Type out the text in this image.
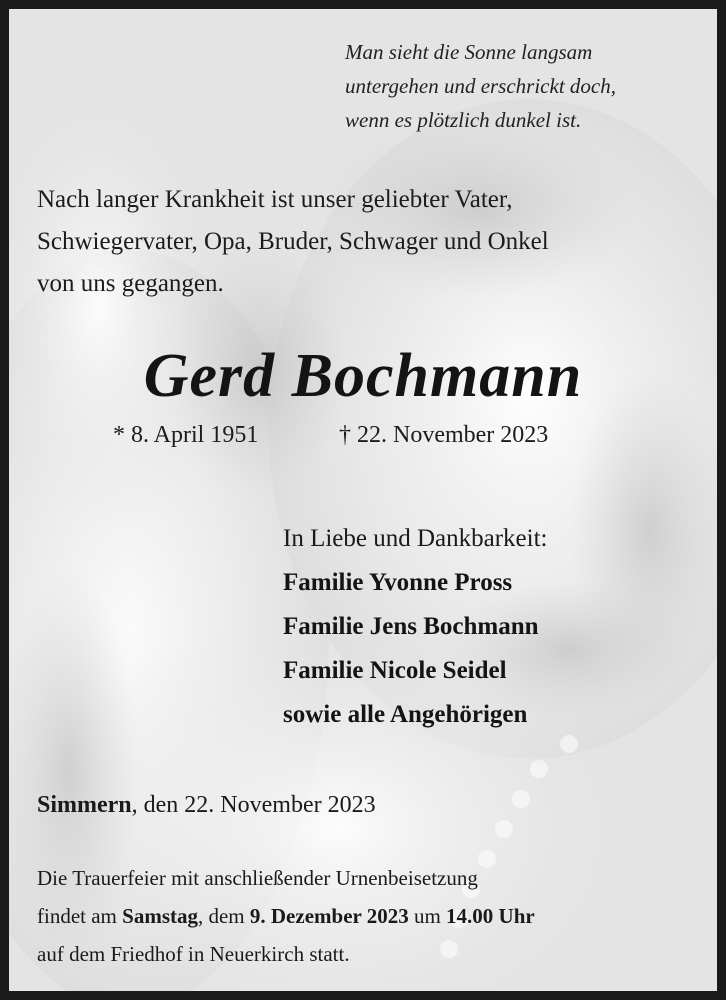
Man sieht die Sonne langsam
untergehen und erschrickt doch,
wenn es plötzlich dunkel ist.
Nach langer Krankheit ist unser geliebter Vater,
Schwiegervater, Opa, Bruder, Schwager und Onkel
von uns gegangen.
Gerd Bochmann
* 8. April 1951	† 22. November 2023
In Liebe und Dankbarkeit:
Familie Yvonne Pross
Familie Jens Bochmann
Familie Nicole Seidel
sowie alle Angehörigen
Simmern, den 22. November 2023
Die Trauerfeier mit anschließender Urnenbeisetzung
findet am Samstag, dem 9. Dezember 2023 um 14.00 Uhr
auf dem Friedhof in Neuerkirch statt.
